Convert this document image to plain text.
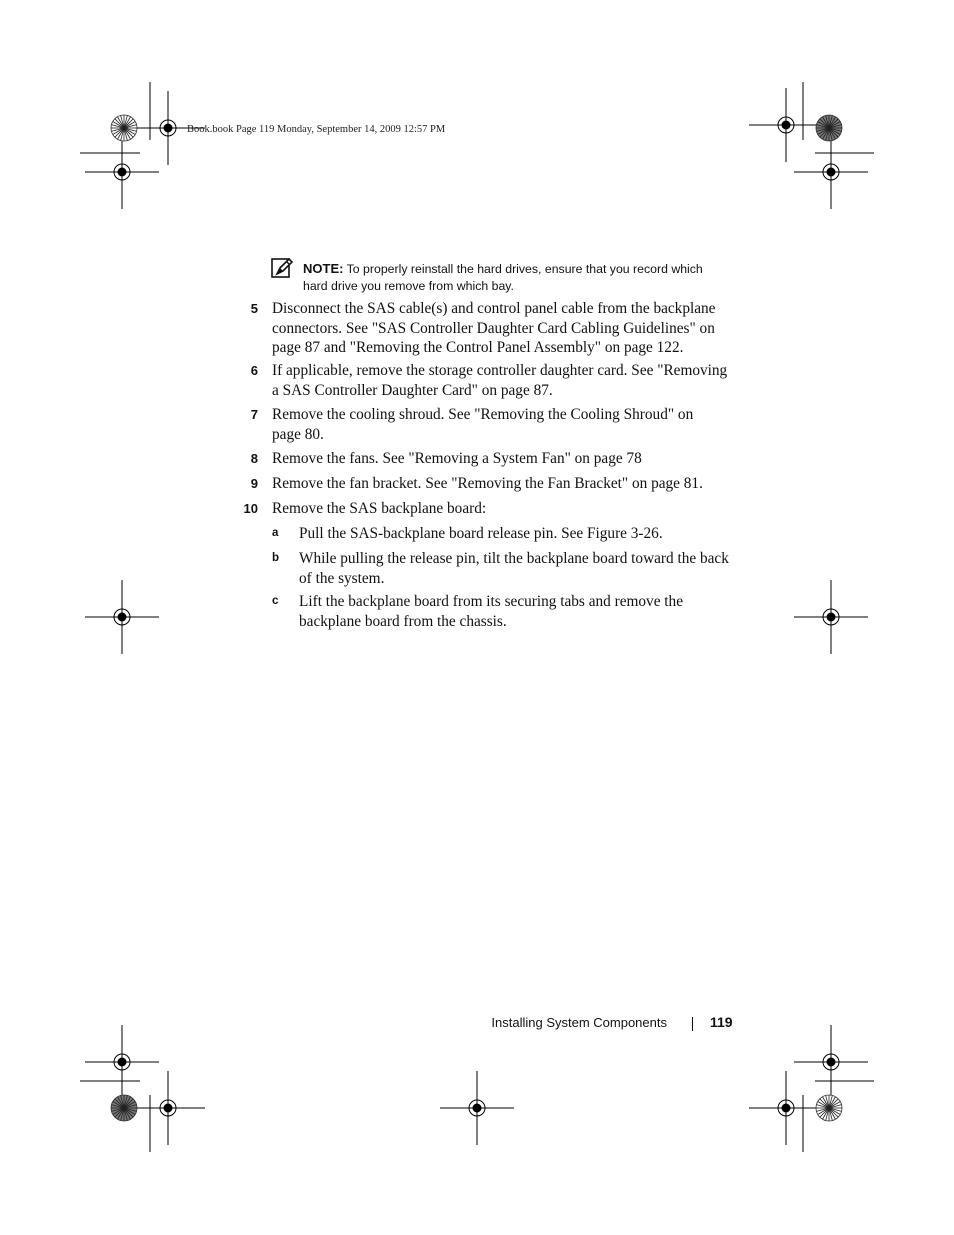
Book.book Page 119 Monday, September 14, 2009 12:57 PM
NOTE: To properly reinstall the hard drives, ensure that you record which
hard drive you remove from which bay.
5 Disconnect the SAS cable(s) and control panel cable from the backplane
connectors. See "SAS Controller Daughter Card Cabling Guidelines" on
page 87 and "Removing the Control Panel Assembly" on page 122.
6 If applicable, remove the storage controller daughter card. See "Removing
a SAS Controller Daughter Card" on page 87.
7 Remove the cooling shroud. See "Removing the Cooling Shroud" on
page 80.
8 Remove the fans. See "Removing a System Fan" on page 78
9 Remove the fan bracket. See "Removing the Fan Bracket" on page 81.
10 Remove the SAS backplane board:
a	Pull the SAS-backplane board release pin. See Figure 3-26.
b	While pulling the release pin, tilt the backplane board toward the back
of the system.
c	Lift the backplane board from its securing tabs and remove the
backplane board from the chassis.
Installing System Components	119
